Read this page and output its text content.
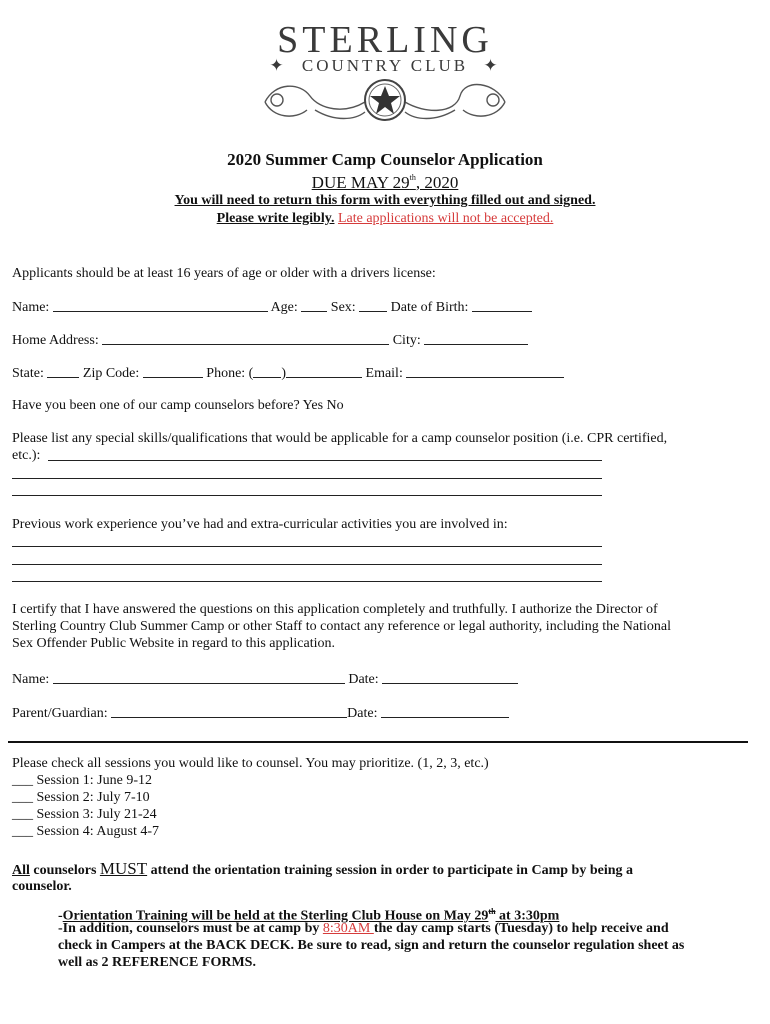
STERLING
✦ COUNTRY CLUB ✦
2020 Summer Camp Counselor Application
DUE MAY 29th, 2020
You will need to return this form with everything filled out and signed.
Please write legibly. Late applications will not be accepted.
Applicants should be at least 16 years of age or older with a drivers license:
Name:	Age: Sex:	Date of Birth:
Home Address:	City:
State:	Zip Code:	Phone: ( )	Email:
Have you been one of our camp counselors before? Yes No
Please list any special skills/qualifications that would be applicable for a camp counselor position (i.e. CPR certified,
etc.):
Previous work experience you’ve had and extra-curricular activities you are involved in:
I certify that I have answered the questions on this application completely and truthfully. I authorize the Director of
Sterling Country Club Summer Camp or other Staff to contact any reference or legal authority, including the National
Sex Offender Public Website in regard to this application.
Name:	Date:
Parent/Guardian:	Date:
Please check all sessions you would like to counsel. You may prioritize. (1, 2, 3, etc.)
___ Session 1: June 9-12
___ Session 2: July 7-10
___ Session 3: July 21-24
___ Session 4: August 4-7
All counselors MUST attend the orientation training session in order to participate in Camp by being a
counselor.
-Orientation Training will be held at the Sterling Club House on May 29th at 3:30pm
-In addition, counselors must be at camp by 8:30AM the day camp starts (Tuesday) to help receive and
check in Campers at the BACK DECK. Be sure to read, sign and return the counselor regulation sheet as
well as 2 REFERENCE FORMS.
